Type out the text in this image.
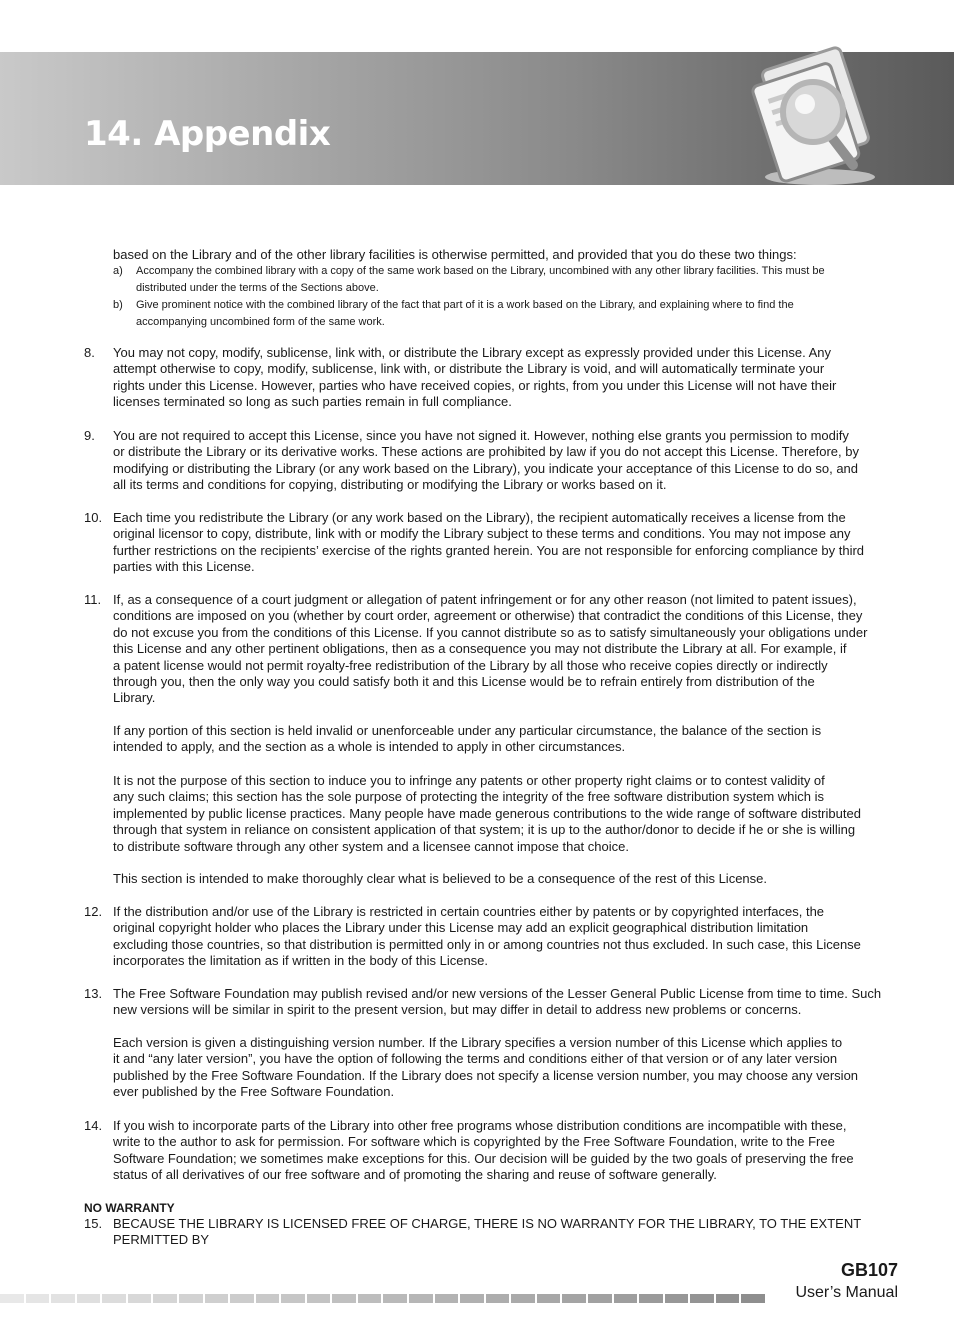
14. Appendix
based on the Library and of the other library facilities is otherwise permitted, and provided that you do these two things:
a) Accompany the combined library with a copy of the same work based on the Library, uncombined with any other library facilities. This must be
distributed under the terms of the Sections above.
b) Give prominent notice with the combined library of the fact that part of it is a work based on the Library, and explaining where to find the
accompanying uncombined form of the same work.
8. You may not copy, modify, sublicense, link with, or distribute the Library except as expressly provided under this License. Any
attempt otherwise to copy, modify, sublicense, link with, or distribute the Library is void, and will automatically terminate your
rights under this License. However, parties who have received copies, or rights, from you under this License will not have their
licenses terminated so long as such parties remain in full compliance.
9. You are not required to accept this License, since you have not signed it. However, nothing else grants you permission to modify
or distribute the Library or its derivative works. These actions are prohibited by law if you do not accept this License. Therefore, by
modifying or distributing the Library (or any work based on the Library), you indicate your acceptance of this License to do so, and
all its terms and conditions for copying, distributing or modifying the Library or works based on it.
10. Each time you redistribute the Library (or any work based on the Library), the recipient automatically receives a license from the
original licensor to copy, distribute, link with or modify the Library subject to these terms and conditions. You may not impose any
further restrictions on the recipients’ exercise of the rights granted herein. You are not responsible for enforcing compliance by third
parties with this License.
11. If, as a consequence of a court judgment or allegation of patent infringement or for any other reason (not limited to patent issues),
conditions are imposed on you (whether by court order, agreement or otherwise) that contradict the conditions of this License, they
do not excuse you from the conditions of this License. If you cannot distribute so as to satisfy simultaneously your obligations under
this License and any other pertinent obligations, then as a consequence you may not distribute the Library at all. For example, if
a patent license would not permit royalty-free redistribution of the Library by all those who receive copies directly or indirectly
through you, then the only way you could satisfy both it and this License would be to refrain entirely from distribution of the
Library.
If any portion of this section is held invalid or unenforceable under any particular circumstance, the balance of the section is
intended to apply, and the section as a whole is intended to apply in other circumstances.
It is not the purpose of this section to induce you to infringe any patents or other property right claims or to contest validity of
any such claims; this section has the sole purpose of protecting the integrity of the free software distribution system which is
implemented by public license practices. Many people have made generous contributions to the wide range of software distributed
through that system in reliance on consistent application of that system; it is up to the author/donor to decide if he or she is willing
to distribute software through any other system and a licensee cannot impose that choice.
This section is intended to make thoroughly clear what is believed to be a consequence of the rest of this License.
12. If the distribution and/or use of the Library is restricted in certain countries either by patents or by copyrighted interfaces, the
original copyright holder who places the Library under this License may add an explicit geographical distribution limitation
excluding those countries, so that distribution is permitted only in or among countries not thus excluded. In such case, this License
incorporates the limitation as if written in the body of this License.
13. The Free Software Foundation may publish revised and/or new versions of the Lesser General Public License from time to time. Such
new versions will be similar in spirit to the present version, but may differ in detail to address new problems or concerns.
Each version is given a distinguishing version number. If the Library specifies a version number of this License which applies to
it and “any later version”, you have the option of following the terms and conditions either of that version or of any later version
published by the Free Software Foundation. If the Library does not specify a license version number, you may choose any version
ever published by the Free Software Foundation.
14. If you wish to incorporate parts of the Library into other free programs whose distribution conditions are incompatible with these,
write to the author to ask for permission. For software which is copyrighted by the Free Software Foundation, write to the Free
Software Foundation; we sometimes make exceptions for this. Our decision will be guided by the two goals of preserving the free
status of all derivatives of our free software and of promoting the sharing and reuse of software generally.
NO WARRANTY
15. BECAUSE THE LIBRARY IS LICENSED FREE OF CHARGE, THERE IS NO WARRANTY FOR THE LIBRARY, TO THE EXTENT PERMITTED BY
GB107
User’s Manual
